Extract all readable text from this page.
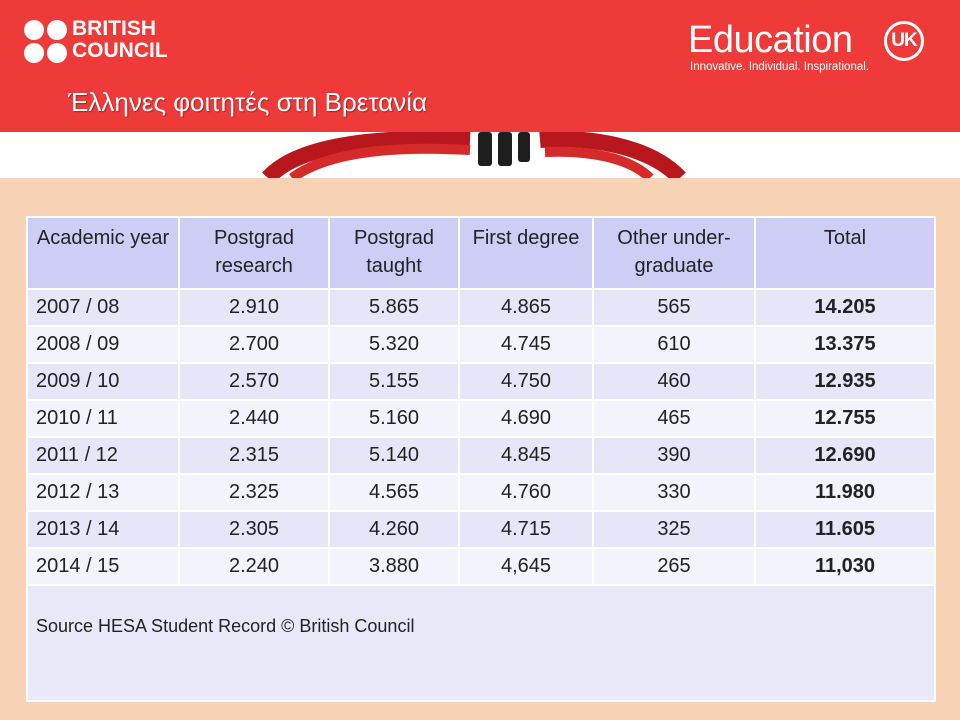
BRITISH
COUNCIL	Education	UK
Innovative. Individual. Inspirational.
Έλληνες φοιτητές στη Βρετανία
Academic year	Postgrad research	Postgrad taught	First degree	Other under-graduate	Total
2007 / 08	2.910	5.865	4.865	565	14.205
2008 / 09	2.700	5.320	4.745	610	13.375
2009 / 10	2.570	5.155	4.750	460	12.935
2010 / 11	2.440	5.160	4.690	465	12.755
2011 / 12	2.315	5.140	4.845	390	12.690
2012 / 13	2.325	4.565	4.760	330	11.980
2013 / 14	2.305	4.260	4.715	325	11.605
2014 / 15	2.240	3.880	4,645	265	11,030
Source HESA Student Record © British Council					
